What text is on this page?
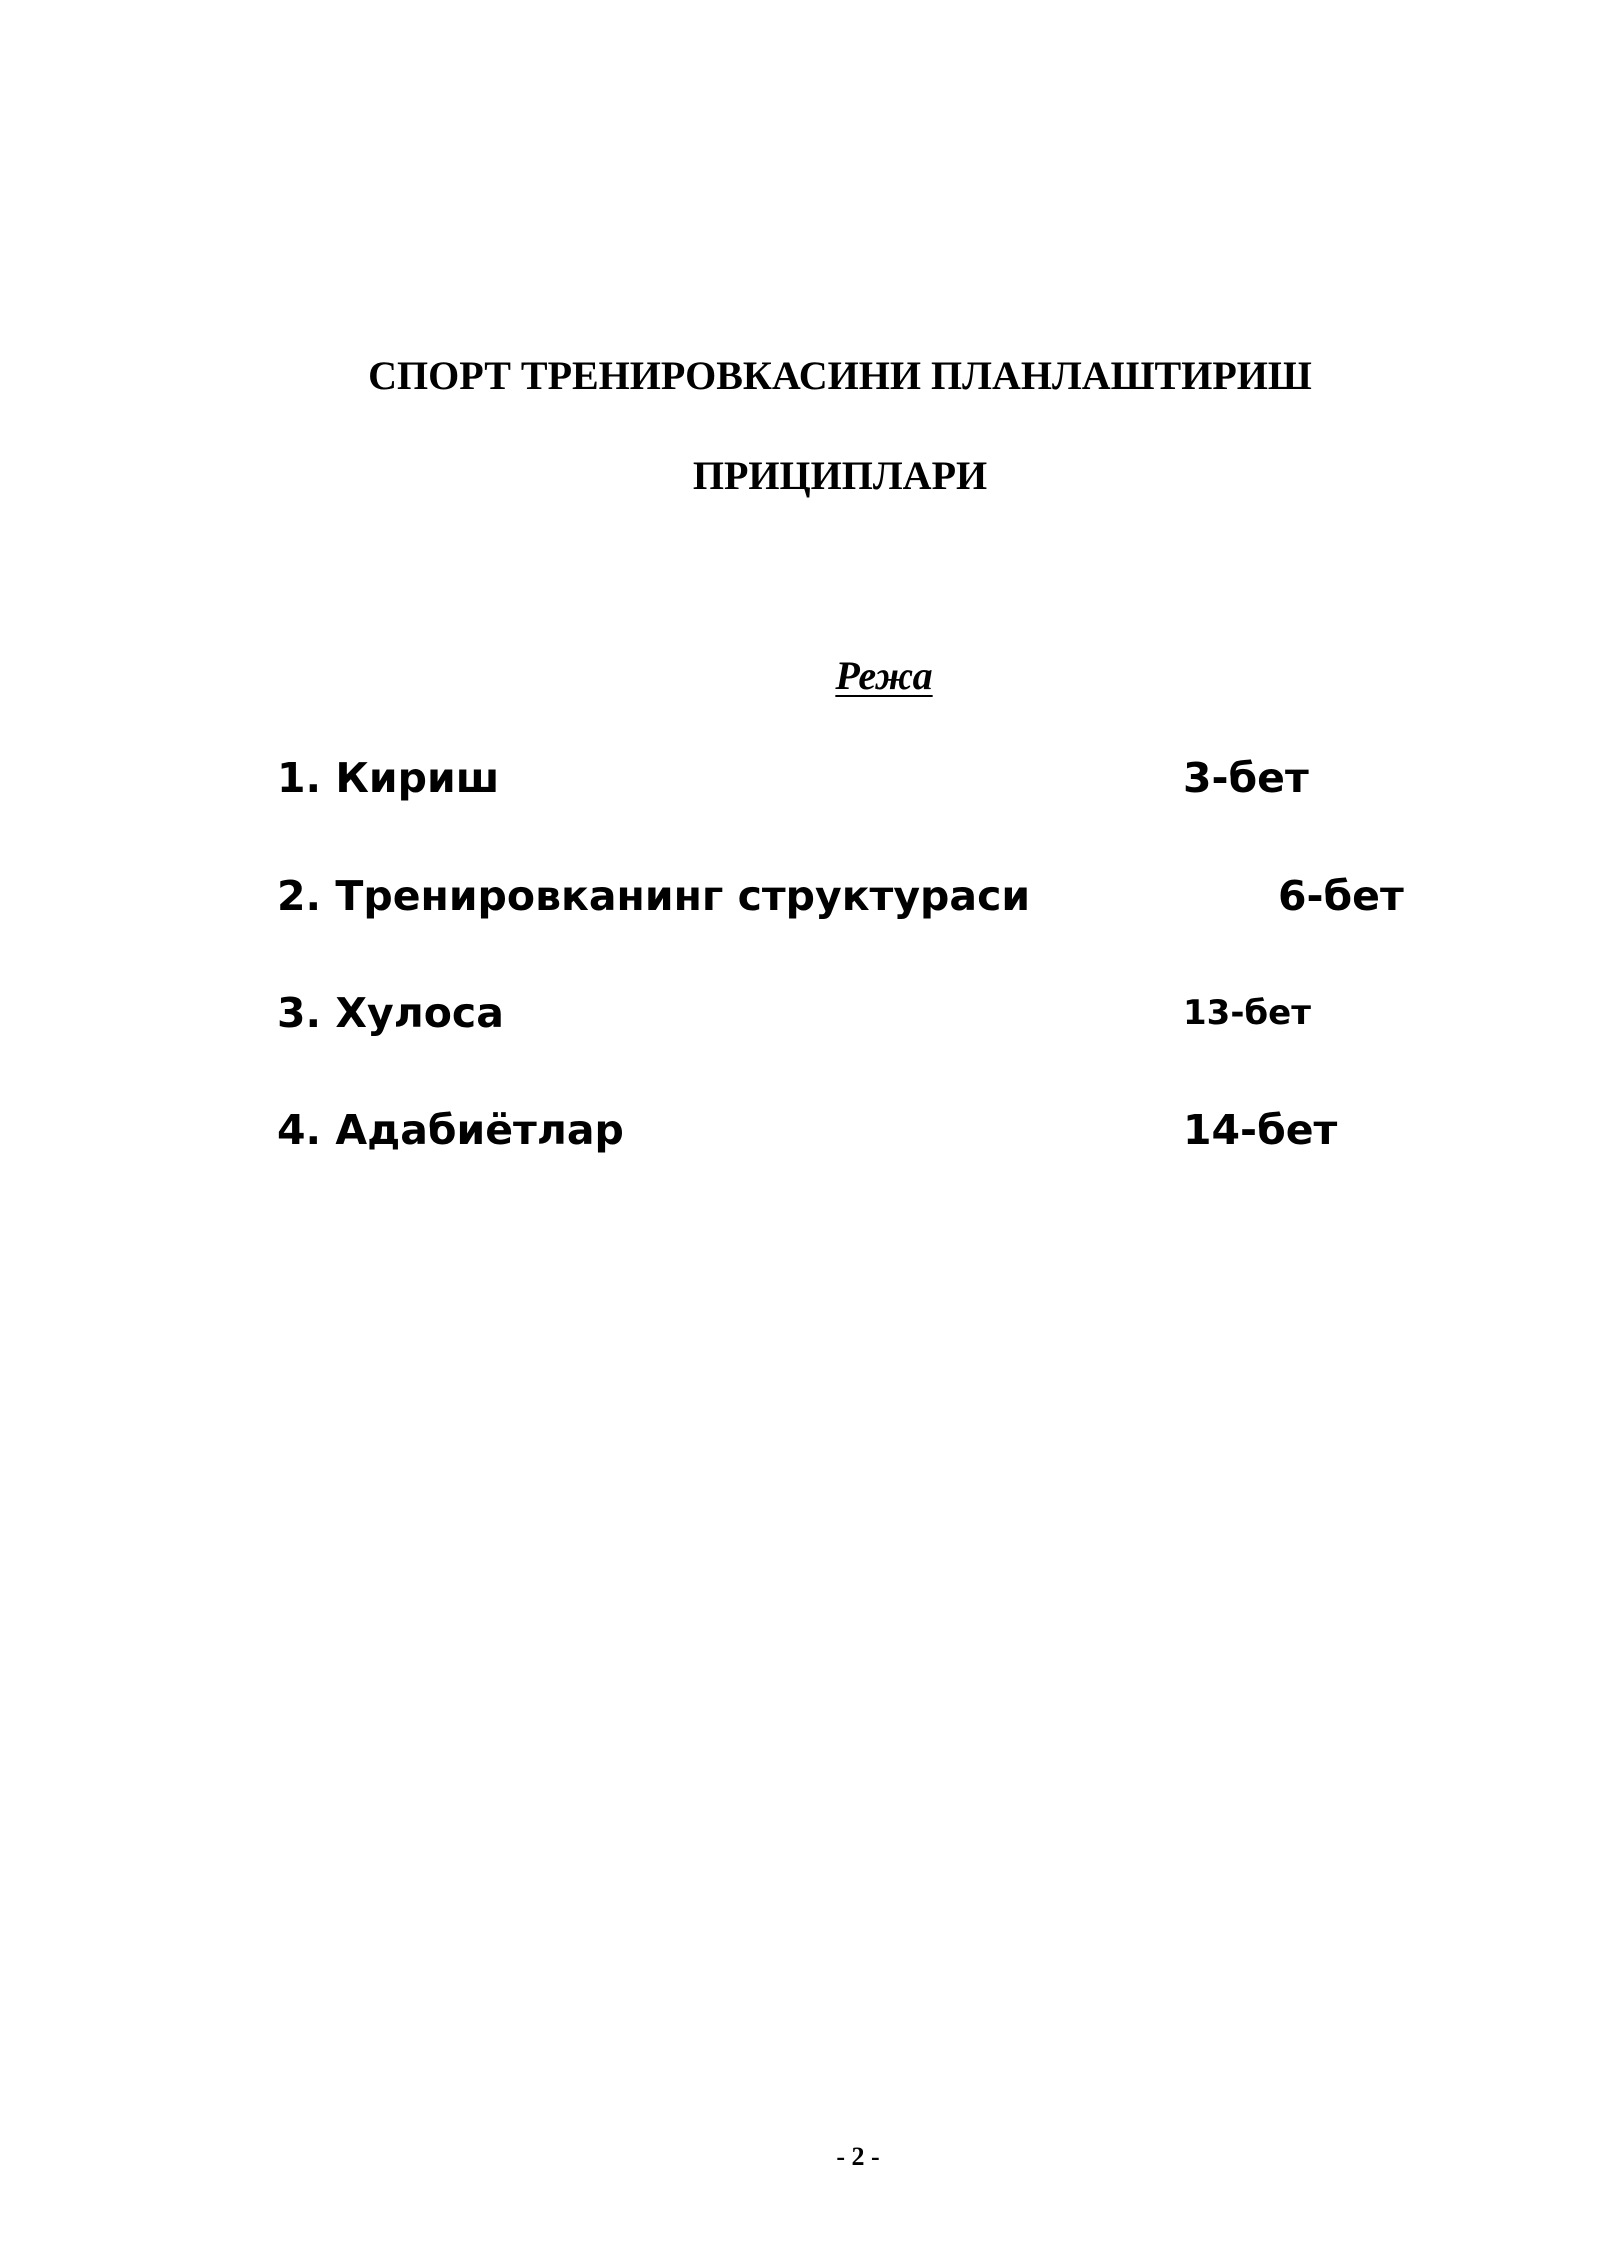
СПОРТ ТРЕНИРОВКАСИНИ ПЛАНЛАШТИРИШ
ПРИЦИПЛАРИ
Режа
1. Кириш	3-бет
2. Тренировканинг структураси	6-бет
3. Хулоса	13-бет
4. Адабиётлар	14-бет
- 2 -
